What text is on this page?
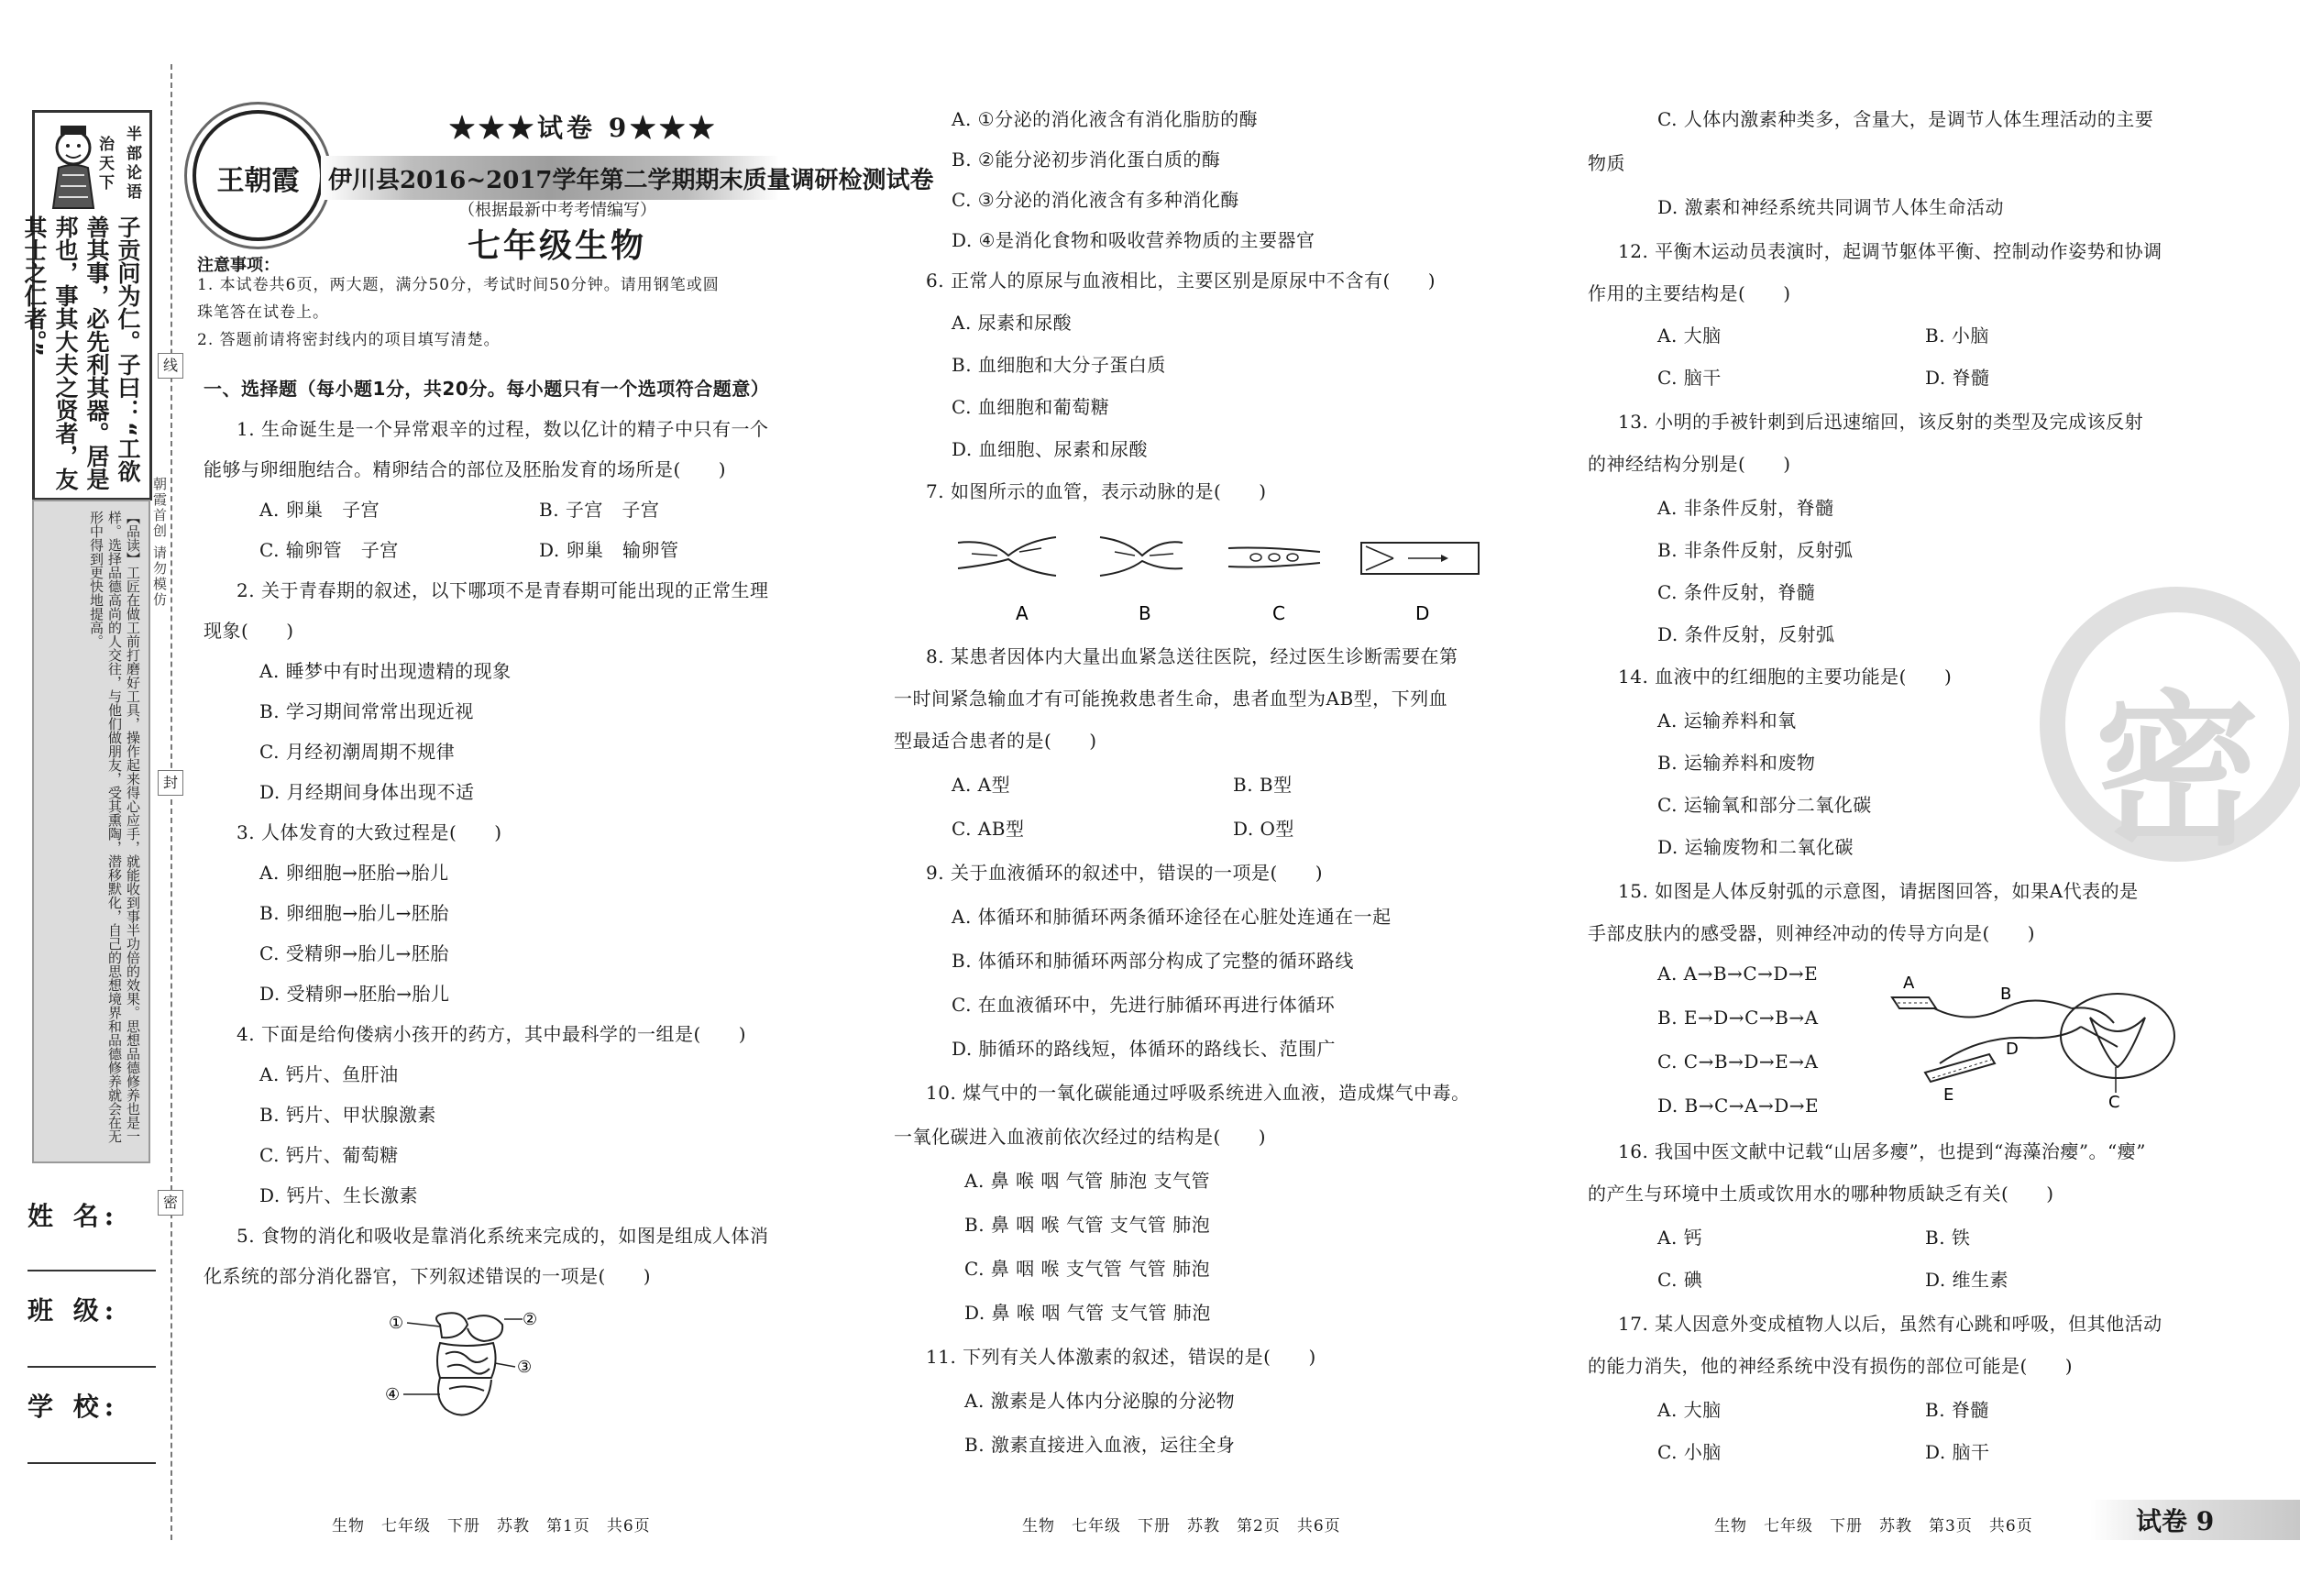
半部论语治天下
子贡问为仁。子曰：“工欲善其事，必先利其器。居是邦也，事其大夫之贤者，友其士之仁者。”
【品读】工匠在做工前打磨好工具，操作起来得心应手，就能收到事半功倍的效果。思想品德修养也是一样。选择品德高尚的人交往，与他们做朋友，受其熏陶，潜移默化，自己的思想境界和品德修养就会在无形中得到更快地提高。
姓 名:
班 级:
学 校:
线
封
密
朝霞首创 请勿模仿
王朝霞
★★★试卷 9★★★
伊川县2016~2017学年第二学期期末质量调研检测试卷
（根据最新中考考情编写）
七年级生物
注意事项：
1. 本试卷共6页，两大题，满分50分，考试时间50分钟。请用钢笔或圆
珠笔答在试卷上。
2. 答题前请将密封线内的项目填写清楚。
一、选择题（每小题1分，共20分。每小题只有一个选项符合题意）
1. 生命诞生是一个异常艰辛的过程，数以亿计的精子中只有一个
能够与卵细胞结合。精卵结合的部位及胚胎发育的场所是(　　)
A. 卵巢　子宫	B. 子宫　子宫
C. 输卵管　子宫	D. 卵巢　输卵管
2. 关于青春期的叙述，以下哪项不是青春期可能出现的正常生理
现象(　　)
A. 睡梦中有时出现遗精的现象
B. 学习期间常常出现近视
C. 月经初潮周期不规律
D. 月经期间身体出现不适
3. 人体发育的大致过程是(　　)
A. 卵细胞→胚胎→胎儿
B. 卵细胞→胎儿→胚胎
C. 受精卵→胎儿→胚胎
D. 受精卵→胚胎→胎儿
4. 下面是给佝偻病小孩开的药方，其中最科学的一组是(　　)
A. 钙片、鱼肝油
B. 钙片、甲状腺激素
C. 钙片、葡萄糖
D. 钙片、生长激素
5. 食物的消化和吸收是靠消化系统来完成的，如图是组成人体消
化系统的部分消化器官，下列叙述错误的一项是(　　)
①	②
③
④
生物　七年级　下册　苏教　第1页　共6页
A. ①分泌的消化液含有消化脂肪的酶
B. ②能分泌初步消化蛋白质的酶
C. ③分泌的消化液含有多种消化酶
D. ④是消化食物和吸收营养物质的主要器官
6. 正常人的原尿与血液相比，主要区别是原尿中不含有(　　)
A. 尿素和尿酸
B. 血细胞和大分子蛋白质
C. 血细胞和葡萄糖
D. 血细胞、尿素和尿酸
7. 如图所示的血管，表示动脉的是(　　)
A	B	C	D
8. 某患者因体内大量出血紧急送往医院，经过医生诊断需要在第
一时间紧急输血才有可能挽救患者生命，患者血型为AB型，下列血
型最适合患者的是(　　)
A. A型	B. B型
C. AB型	D. O型
9. 关于血液循环的叙述中，错误的一项是(　　)
A. 体循环和肺循环两条循环途径在心脏处连通在一起
B. 体循环和肺循环两部分构成了完整的循环路线
C. 在血液循环中，先进行肺循环再进行体循环
D. 肺循环的路线短，体循环的路线长、范围广
10. 煤气中的一氧化碳能通过呼吸系统进入血液，造成煤气中毒。
一氧化碳进入血液前依次经过的结构是(　　)
A. 鼻 喉 咽 气管 肺泡 支气管
B. 鼻 咽 喉 气管 支气管 肺泡
C. 鼻 咽 喉 支气管 气管 肺泡
D. 鼻 喉 咽 气管 支气管 肺泡
11. 下列有关人体激素的叙述，错误的是(　　)
A. 激素是人体内分泌腺的分泌物
B. 激素直接进入血液，运往全身
生物　七年级　下册　苏教　第2页　共6页
密
C. 人体内激素种类多，含量大，是调节人体生理活动的主要
物质
D. 激素和神经系统共同调节人体生命活动
12. 平衡木运动员表演时，起调节躯体平衡、控制动作姿势和协调
作用的主要结构是(　　)
A. 大脑	B. 小脑
C. 脑干	D. 脊髓
13. 小明的手被针刺到后迅速缩回，该反射的类型及完成该反射
的神经结构分别是(　　)
A. 非条件反射，脊髓
B. 非条件反射，反射弧
C. 条件反射，脊髓
D. 条件反射，反射弧
14. 血液中的红细胞的主要功能是(　　)
A. 运输养料和氧
B. 运输养料和废物
C. 运输氧和部分二氧化碳
D. 运输废物和二氧化碳
15. 如图是人体反射弧的示意图，请据图回答，如果A代表的是
手部皮肤内的感受器，则神经冲动的传导方向是(　　)
A. A→B→C→D→E
B. E→D→C→B→A
C. C→B→D→E→A
D. B→C→A→D→E
A
B
C
D
E
16. 我国中医文献中记载“山居多瘿”，也提到“海藻治瘿”。“瘿”
的产生与环境中土质或饮用水的哪种物质缺乏有关(　　)
A. 钙	B. 铁
C. 碘	D. 维生素
17. 某人因意外变成植物人以后，虽然有心跳和呼吸，但其他活动
的能力消失，他的神经系统中没有损伤的部位可能是(　　)
A. 大脑	B. 脊髓
C. 小脑	D. 脑干
生物　七年级　下册　苏教　第3页　共6页	试卷 9
